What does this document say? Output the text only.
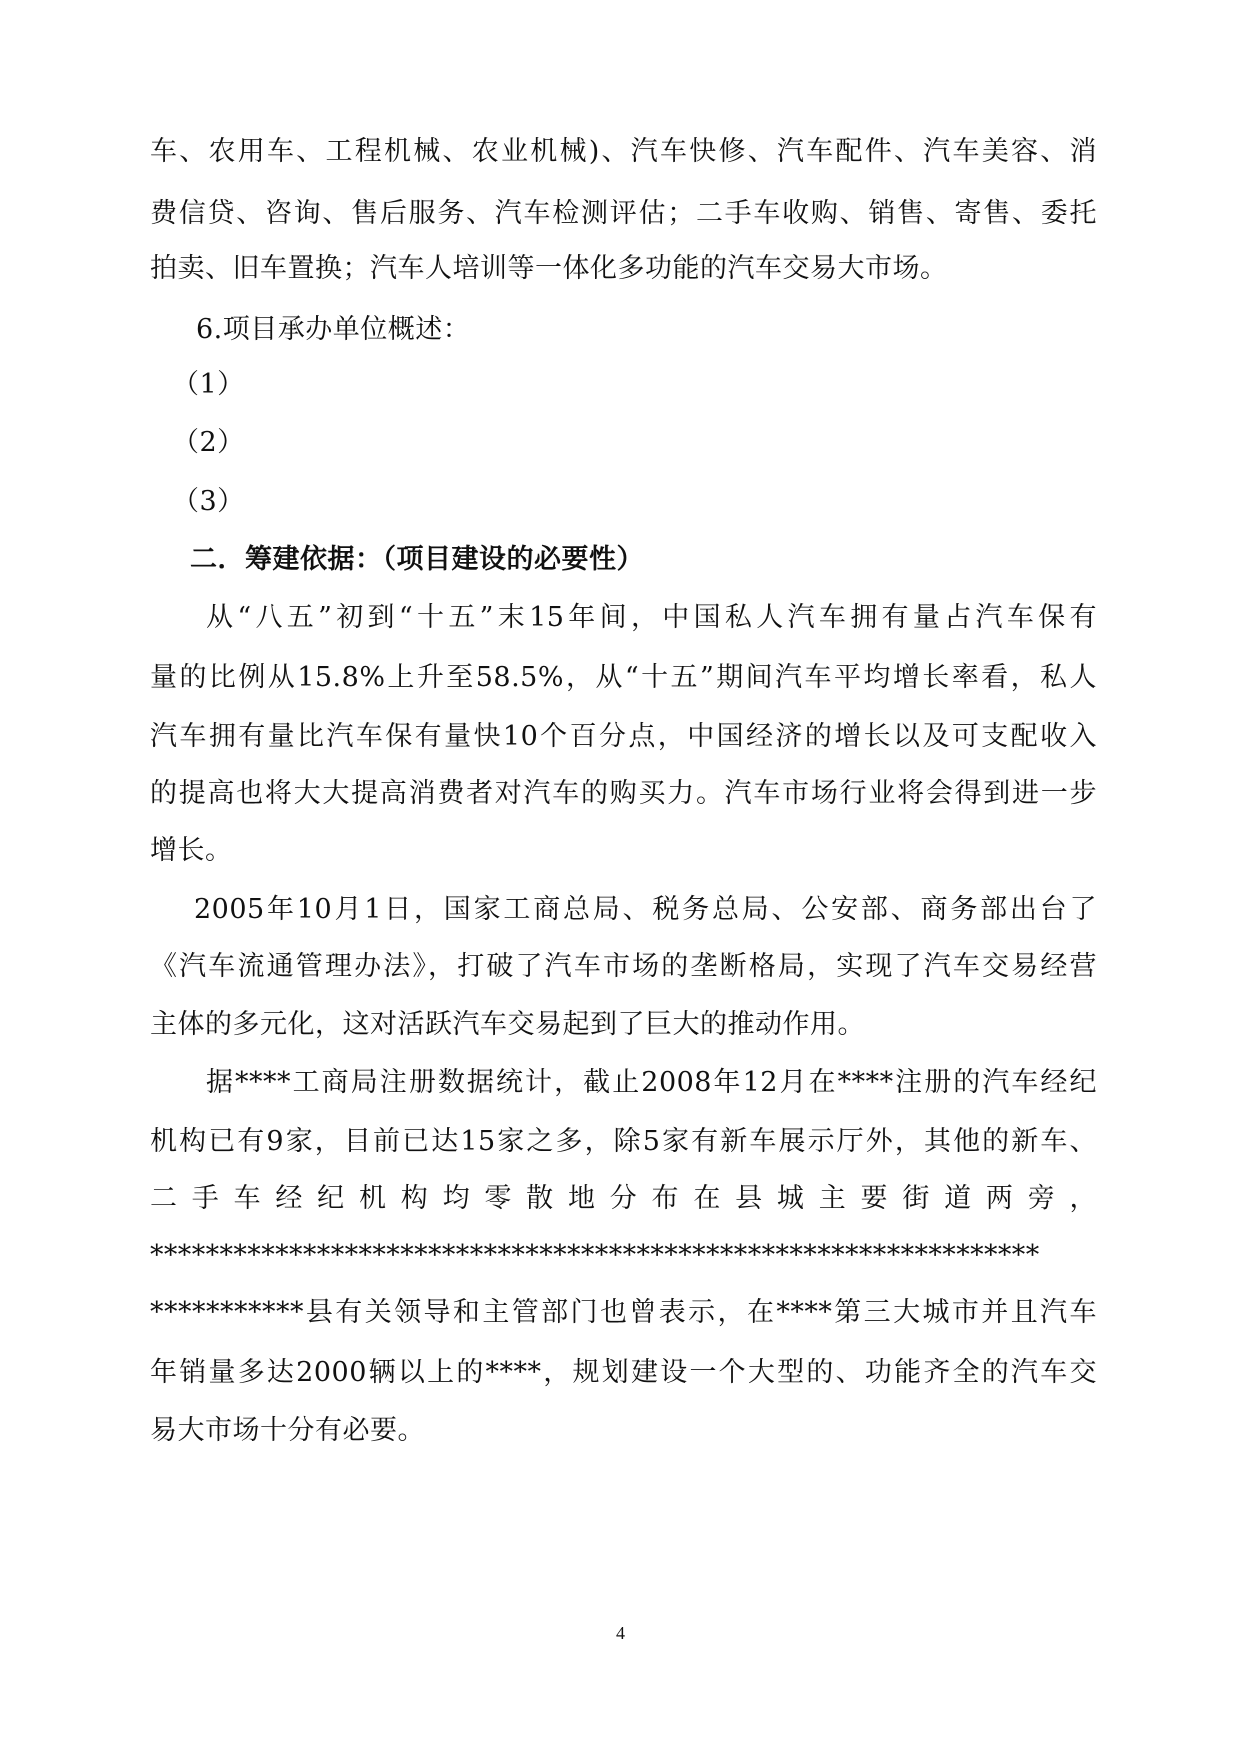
车、农用车、工程机械、农业机械)、汽车快修、汽车配件、汽车美容、消
费信贷、咨询、售后服务、汽车检测评估；二手车收购、销售、寄售、委托
拍卖、旧车置换；汽车人培训等一体化多功能的汽车交易大市场。
6.项目承办单位概述：
（1）
（2）
（3）
二．筹建依据：（项目建设的必要性）
从“八五”初到“十五”末15年间，中国私人汽车拥有量占汽车保有
量的比例从15.8%上升至58.5%，从“十五”期间汽车平均增长率看，私人
汽车拥有量比汽车保有量快10个百分点，中国经济的增长以及可支配收入
的提高也将大大提高消费者对汽车的购买力。汽车市场行业将会得到进一步
增长。
2005年10月1日，国家工商总局、税务总局、公安部、商务部出台了
《汽车流通管理办法》，打破了汽车市场的垄断格局，实现了汽车交易经营
主体的多元化，这对活跃汽车交易起到了巨大的推动作用。
据****工商局注册数据统计，截止2008年12月在****注册的汽车经纪
机构已有9家，目前已达15家之多，除5家有新车展示厅外，其他的新车、
二手车经纪机构均零散地分布在县城主要街道两旁，
****************************************************************
***********县有关领导和主管部门也曾表示，在****第三大城市并且汽车
年销量多达2000辆以上的****，规划建设一个大型的、功能齐全的汽车交
易大市场十分有必要。
4
